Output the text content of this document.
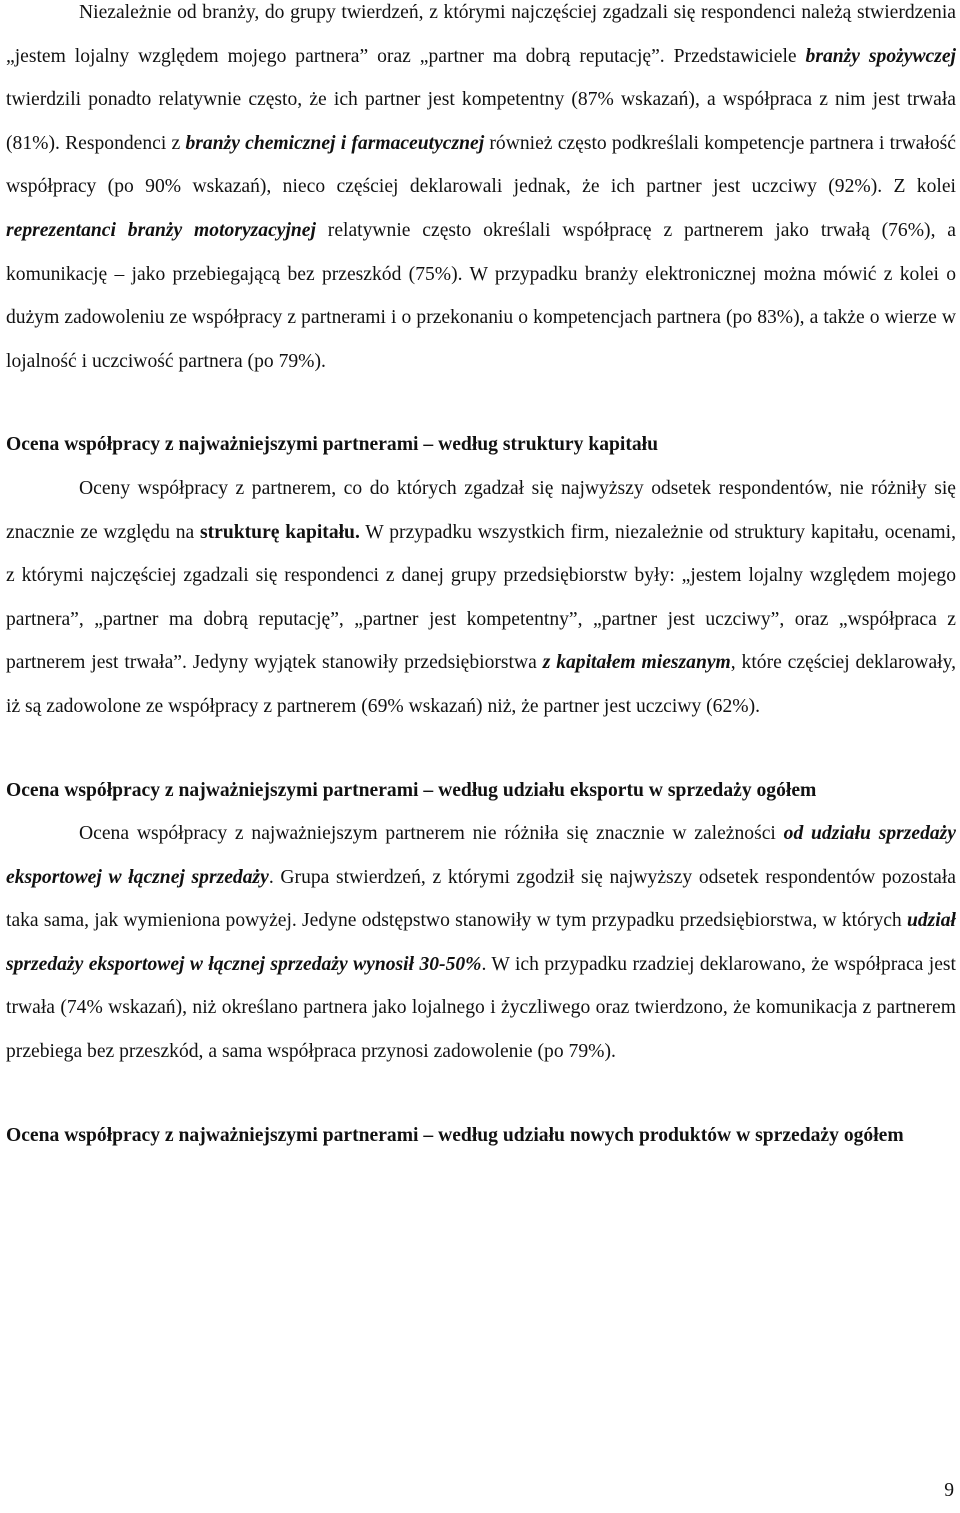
Niezależnie od branży, do grupy twierdzeń, z którymi najczęściej zgadzali się respondenci należą stwierdzenia „jestem lojalny względem mojego partnera” oraz „partner ma dobrą reputację”. Przedstawiciele branży spożywczej twierdzili ponadto relatywnie często, że ich partner jest kompetentny (87% wskazań), a współpraca z nim jest trwała (81%). Respondenci z branży chemicznej i farmaceutycznej również często podkreślali kompetencje partnera i trwałość współpracy (po 90% wskazań), nieco częściej deklarowali jednak, że ich partner jest uczciwy (92%). Z kolei reprezentanci branży motoryzacyjnej relatywnie często określali współpracę z partnerem jako trwałą (76%), a komunikację – jako przebiegającą bez przeszkód (75%). W przypadku branży elektronicznej można mówić z kolei o dużym zadowoleniu ze współpracy z partnerami i o przekonaniu o kompetencjach partnera (po 83%), a także o wierze w lojalność i uczciwość partnera (po 79%).

Ocena współpracy z najważniejszymi partnerami – według struktury kapitału

Oceny współpracy z partnerem, co do których zgadzał się najwyższy odsetek respondentów, nie różniły się znacznie ze względu na strukturę kapitału. W przypadku wszystkich firm, niezależnie od struktury kapitału, ocenami, z którymi najczęściej zgadzali się respondenci z danej grupy przedsiębiorstw były: „jestem lojalny względem mojego partnera”, „partner ma dobrą reputację”, „partner jest kompetentny”, „partner jest uczciwy”, oraz „współpraca z partnerem jest trwała”. Jedyny wyjątek stanowiły przedsiębiorstwa z kapitałem mieszanym, które częściej deklarowały, iż są zadowolone ze współpracy z partnerem (69% wskazań) niż, że partner jest uczciwy (62%).

Ocena współpracy z najważniejszymi partnerami – według udziału eksportu w sprzedaży ogółem

Ocena współpracy z najważniejszym partnerem nie różniła się znacznie w zależności od udziału sprzedaży eksportowej w łącznej sprzedaży. Grupa stwierdzeń, z którymi zgodził się najwyższy odsetek respondentów pozostała taka sama, jak wymieniona powyżej. Jedyne odstępstwo stanowiły w tym przypadku przedsiębiorstwa, w których udział sprzedaży eksportowej w łącznej sprzedaży wynosił 30-50%. W ich przypadku rzadziej deklarowano, że współpraca jest trwała (74% wskazań), niż określano partnera jako lojalnego i życzliwego oraz twierdzono, że komunikacja z partnerem przebiega bez przeszkód, a sama współpraca przynosi zadowolenie (po 79%).

Ocena współpracy z najważniejszymi partnerami – według udziału nowych produktów w sprzedaży ogółem
9
